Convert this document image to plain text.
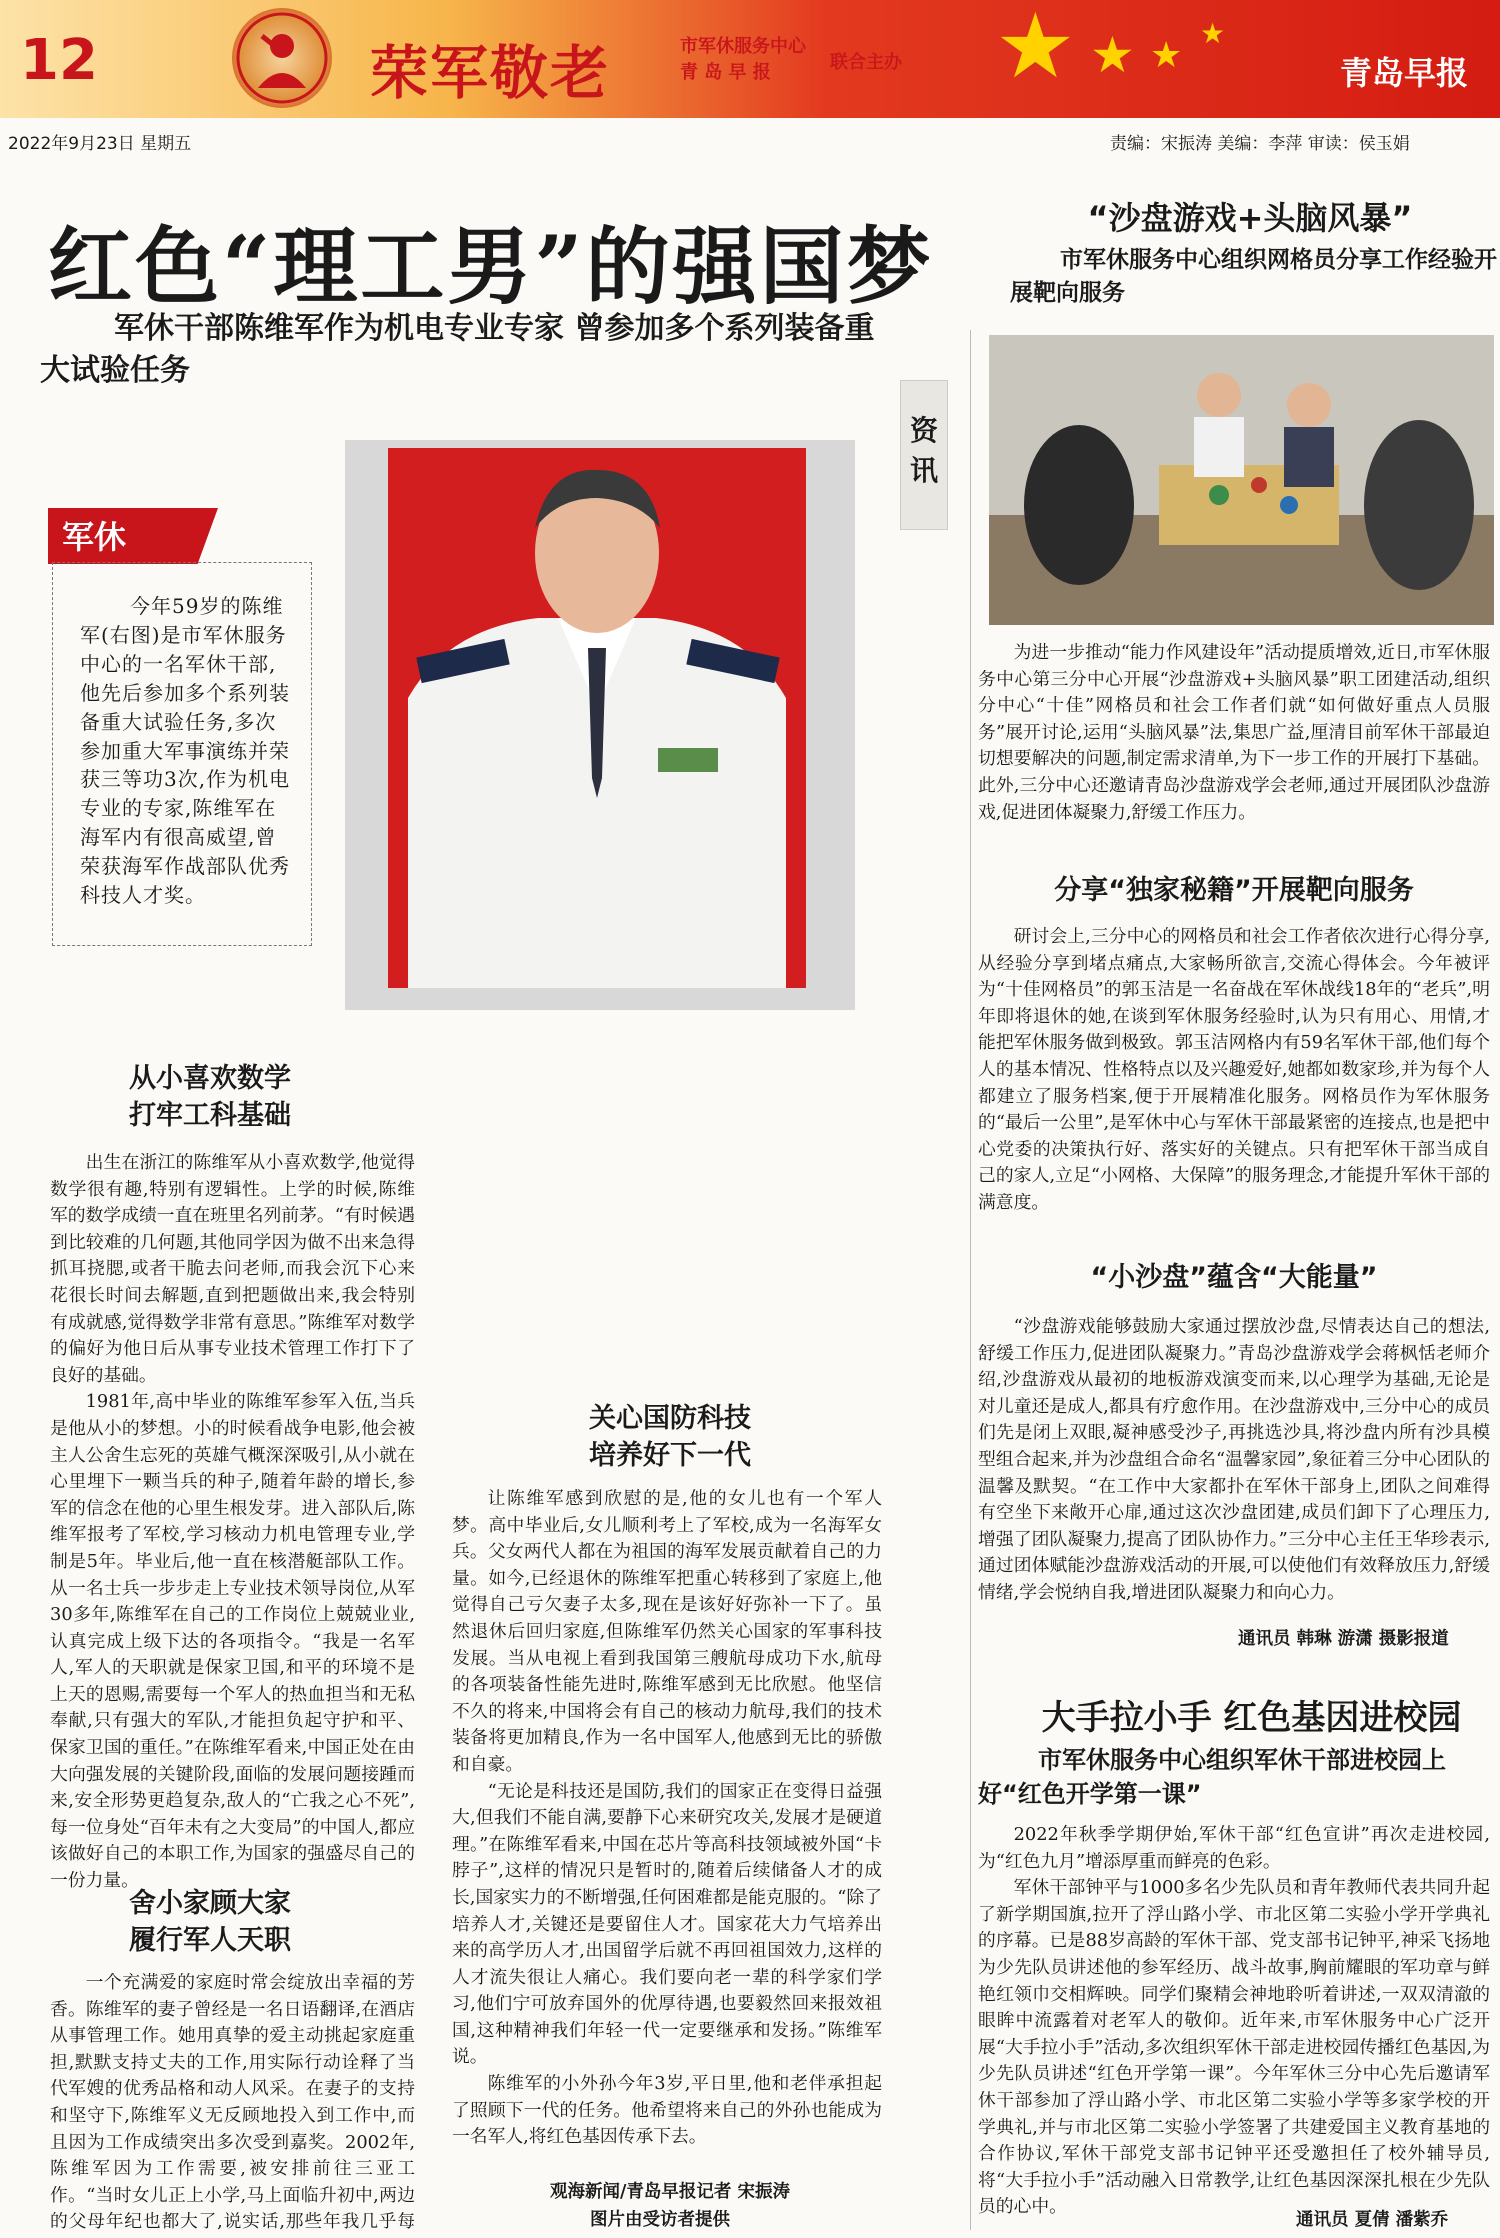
12	荣军敬老	市军休服务中心
青 岛 早 报	联合主办 ★ ★ ★
★
青岛早报
2022年9月23日 星期五	责编：宋振涛 美编：李萍 审读：侯玉娟
红色“理工男”的强国梦
军休干部陈维军作为机电专业专家 曾参加多个系列装备重大试验任务
军休 家园
今年59岁的陈维军(右图)是市军休服务中心的一名军休干部,他先后参加多个系列装备重大试验任务,多次参加重大军事演练并荣获三等功3次,作为机电专业的专家,陈维军在海军内有很高威望,曾荣获海军作战部队优秀科技人才奖。
资讯
从小喜欢数学
打牢工科基础

出生在浙江的陈维军从小喜欢数学,他觉得数学很有趣,特别有逻辑性。上学的时候,陈维军的数学成绩一直在班里名列前茅。“有时候遇到比较难的几何题,其他同学因为做不出来急得抓耳挠腮,或者干脆去问老师,而我会沉下心来花很长时间去解题,直到把题做出来,我会特别有成就感,觉得数学非常有意思。”陈维军对数学的偏好为他日后从事专业技术管理工作打下了良好的基础。

1981年,高中毕业的陈维军参军入伍,当兵是他从小的梦想。小的时候看战争电影,他会被主人公舍生忘死的英雄气概深深吸引,从小就在心里埋下一颗当兵的种子,随着年龄的增长,参军的信念在他的心里生根发芽。进入部队后,陈维军报考了军校,学习核动力机电管理专业,学制是5年。毕业后,他一直在核潜艇部队工作。从一名士兵一步步走上专业技术领导岗位,从军30多年,陈维军在自己的工作岗位上兢兢业业,认真完成上级下达的各项指令。“我是一名军人,军人的天职就是保家卫国,和平的环境不是上天的恩赐,需要每一个军人的热血担当和无私奉献,只有强大的军队,才能担负起守护和平、保家卫国的重任。”在陈维军看来,中国正处在由大向强发展的关键阶段,面临的发展问题接踵而来,安全形势更趋复杂,敌人的“亡我之心不死”,每一位身处“百年未有之大变局”的中国人,都应该做好自己的本职工作,为国家的强盛尽自己的一份力量。

舍小家顾大家
履行军人天职

一个充满爱的家庭时常会绽放出幸福的芳香。陈维军的妻子曾经是一名日语翻译,在酒店从事管理工作。她用真挚的爱主动挑起家庭重担,默默支持丈夫的工作,用实际行动诠释了当代军嫂的优秀品格和动人风采。在妻子的支持和坚守下,陈维军义无反顾地投入到工作中,而且因为工作成绩突出多次受到嘉奖。2002年,陈维军因为工作需要,被安排前往三亚工作。“当时女儿正上小学,马上面临升初中,两边的父母年纪也都大了,说实话,那些年我几乎每

关心国防科技
培养好下一代

让陈维军感到欣慰的是,他的女儿也有一个军人梦。高中毕业后,女儿顺利考上了军校,成为一名海军女兵。父女两代人都在为祖国的海军发展贡献着自己的力量。如今,已经退休的陈维军把重心转移到了家庭上,他觉得自己亏欠妻子太多,现在是该好好弥补一下了。虽然退休后回归家庭,但陈维军仍然关心国家的军事科技发展。当从电视上看到我国第三艘航母成功下水,航母的各项装备性能先进时,陈维军感到无比欣慰。他坚信不久的将来,中国将会有自己的核动力航母,我们的技术装备将更加精良,作为一名中国军人,他感到无比的骄傲和自豪。

“无论是科技还是国防,我们的国家正在变得日益强大,但我们不能自满,要静下心来研究攻关,发展才是硬道理。”在陈维军看来,中国在芯片等高科技领域被外国“卡脖子”,这样的情况只是暂时的,随着后续储备人才的成长,国家实力的不断增强,任何困难都是能克服的。“除了培养人才,关键还是要留住人才。国家花大力气培养出来的高学历人才,出国留学后就不再回祖国效力,这样的人才流失很让人痛心。我们要向老一辈的科学家们学习,他们宁可放弃国外的优厚待遇,也要毅然回来报效祖国,这种精神我们年轻一代一定要继承和发扬。”陈维军说。

陈维军的小外孙今年3岁,平日里,他和老伴承担起了照顾下一代的任务。他希望将来自己的外孙也能成为一名军人,将红色基因传承下去。

观海新闻/青岛早报记者 宋振涛
图片由受访者提供
“沙盘游戏+头脑风暴”
市军休服务中心组织网格员分享工作经验开展靶向服务

为进一步推动“能力作风建设年”活动提质增效,近日,市军休服务中心第三分中心开展“沙盘游戏+头脑风暴”职工团建活动,组织分中心“十佳”网格员和社会工作者们就“如何做好重点人员服务”展开讨论,运用“头脑风暴”法,集思广益,厘清目前军休干部最迫切想要解决的问题,制定需求清单,为下一步工作的开展打下基础。此外,三分中心还邀请青岛沙盘游戏学会老师,通过开展团队沙盘游戏,促进团体凝聚力,舒缓工作压力。

分享“独家秘籍”开展靶向服务

研讨会上,三分中心的网格员和社会工作者依次进行心得分享,从经验分享到堵点痛点,大家畅所欲言,交流心得体会。今年被评为“十佳网格员”的郭玉洁是一名奋战在军休战线18年的“老兵”,明年即将退休的她,在谈到军休服务经验时,认为只有用心、用情,才能把军休服务做到极致。郭玉洁网格内有59名军休干部,他们每个人的基本情况、性格特点以及兴趣爱好,她都如数家珍,并为每个人都建立了服务档案,便于开展精准化服务。网格员作为军休服务的“最后一公里”,是军休中心与军休干部最紧密的连接点,也是把中心党委的决策执行好、落实好的关键点。只有把军休干部当成自己的家人,立足“小网格、大保障”的服务理念,才能提升军休干部的满意度。

“小沙盘”蕴含“大能量”

“沙盘游戏能够鼓励大家通过摆放沙盘,尽情表达自己的想法,舒缓工作压力,促进团队凝聚力。”青岛沙盘游戏学会蒋枫恬老师介绍,沙盘游戏从最初的地板游戏演变而来,以心理学为基础,无论是对儿童还是成人,都具有疗愈作用。在沙盘游戏中,三分中心的成员们先是闭上双眼,凝神感受沙子,再挑选沙具,将沙盘内所有沙具模型组合起来,并为沙盘组合命名“温馨家园”,象征着三分中心团队的温馨及默契。“在工作中大家都扑在军休干部身上,团队之间难得有空坐下来敞开心扉,通过这次沙盘团建,成员们卸下了心理压力,增强了团队凝聚力,提高了团队协作力。”三分中心主任王华珍表示,通过团体赋能沙盘游戏活动的开展,可以使他们有效释放压力,舒缓情绪,学会悦纳自我,增进团队凝聚力和向心力。

通讯员 韩琳 游潇 摄影报道
大手拉小手 红色基因进校园
市军休服务中心组织军休干部进校园上好“红色开学第一课”

2022年秋季学期伊始,军休干部“红色宣讲”再次走进校园,为“红色九月”增添厚重而鲜亮的色彩。

军休干部钟平与1000多名少先队员和青年教师代表共同升起了新学期国旗,拉开了浮山路小学、市北区第二实验小学开学典礼的序幕。已是88岁高龄的军休干部、党支部书记钟平,神采飞扬地为少先队员讲述他的参军经历、战斗故事,胸前耀眼的军功章与鲜艳红领巾交相辉映。同学们聚精会神地聆听着讲述,一双双清澈的眼眸中流露着对老军人的敬仰。近年来,市军休服务中心广泛开展“大手拉小手”活动,多次组织军休干部走进校园传播红色基因,为少先队员讲述“红色开学第一课”。今年军休三分中心先后邀请军休干部参加了浮山路小学、市北区第二实验小学等多家学校的开学典礼,并与市北区第二实验小学签署了共建爱国主义教育基地的合作协议,军休干部党支部书记钟平还受邀担任了校外辅导员,将“大手拉小手”活动融入日常教学,让红色基因深深扎根在少先队员的心中。

通讯员 夏倩 潘紫乔
